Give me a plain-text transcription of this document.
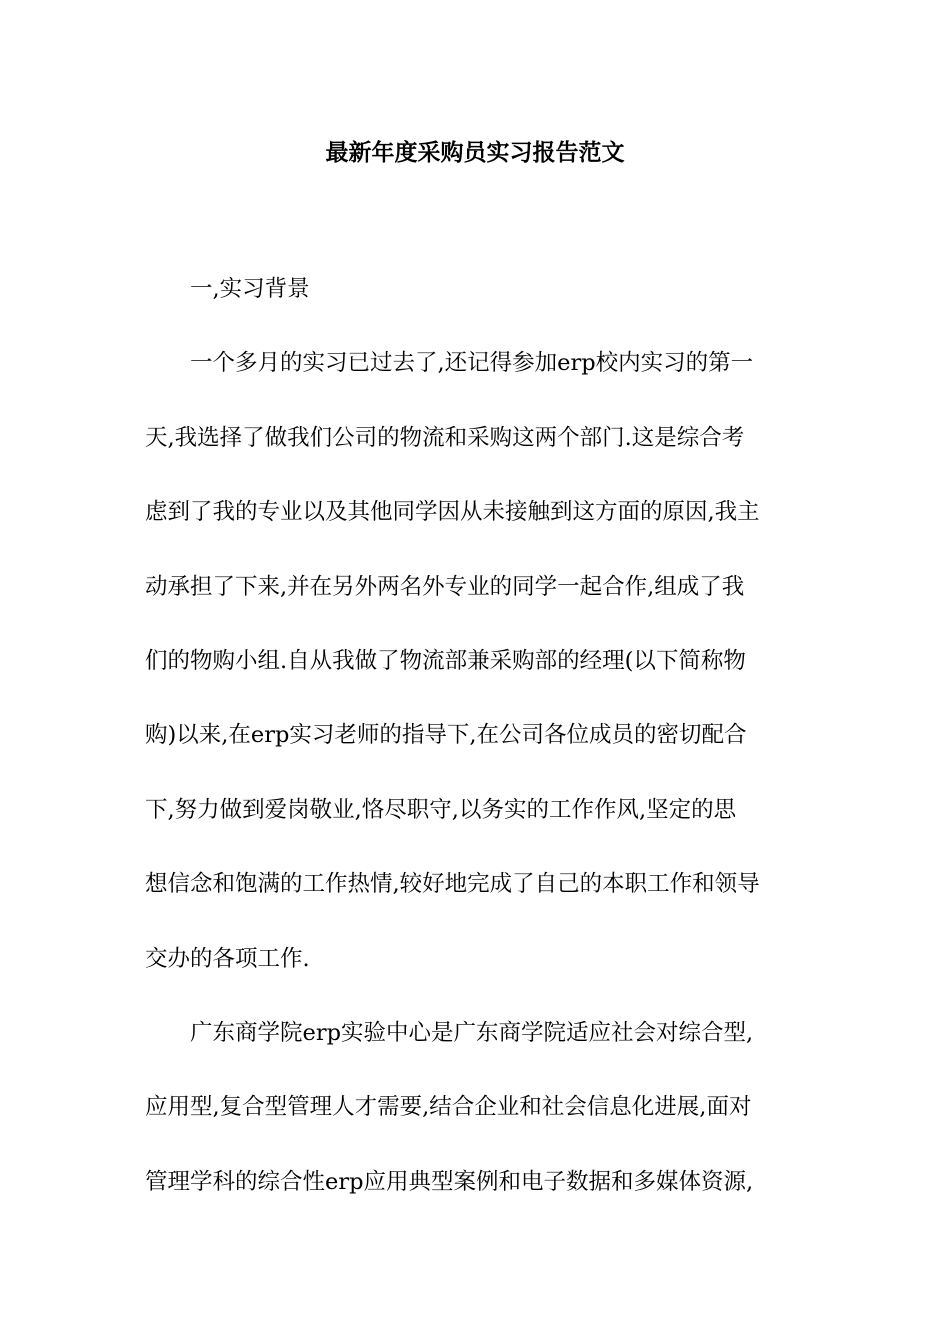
最新年度采购员实习报告范文

一,实习背景

一个多月的实习已过去了,还记得参加erp校内实习的第一
天,我选择了做我们公司的物流和采购这两个部门.这是综合考
虑到了我的专业以及其他同学因从未接触到这方面的原因,我主
动承担了下来,并在另外两名外专业的同学一起合作,组成了我
们的物购小组.自从我做了物流部兼采购部的经理(以下简称物
购)以来,在erp实习老师的指导下,在公司各位成员的密切配合
下,努力做到爱岗敬业,恪尽职守,以务实的工作作风,坚定的思
想信念和饱满的工作热情,较好地完成了自己的本职工作和领导
交办的各项工作.

广东商学院erp实验中心是广东商学院适应社会对综合型,
应用型,复合型管理人才需要,结合企业和社会信息化进展,面对
管理学科的综合性erp应用典型案例和电子数据和多媒体资源,
